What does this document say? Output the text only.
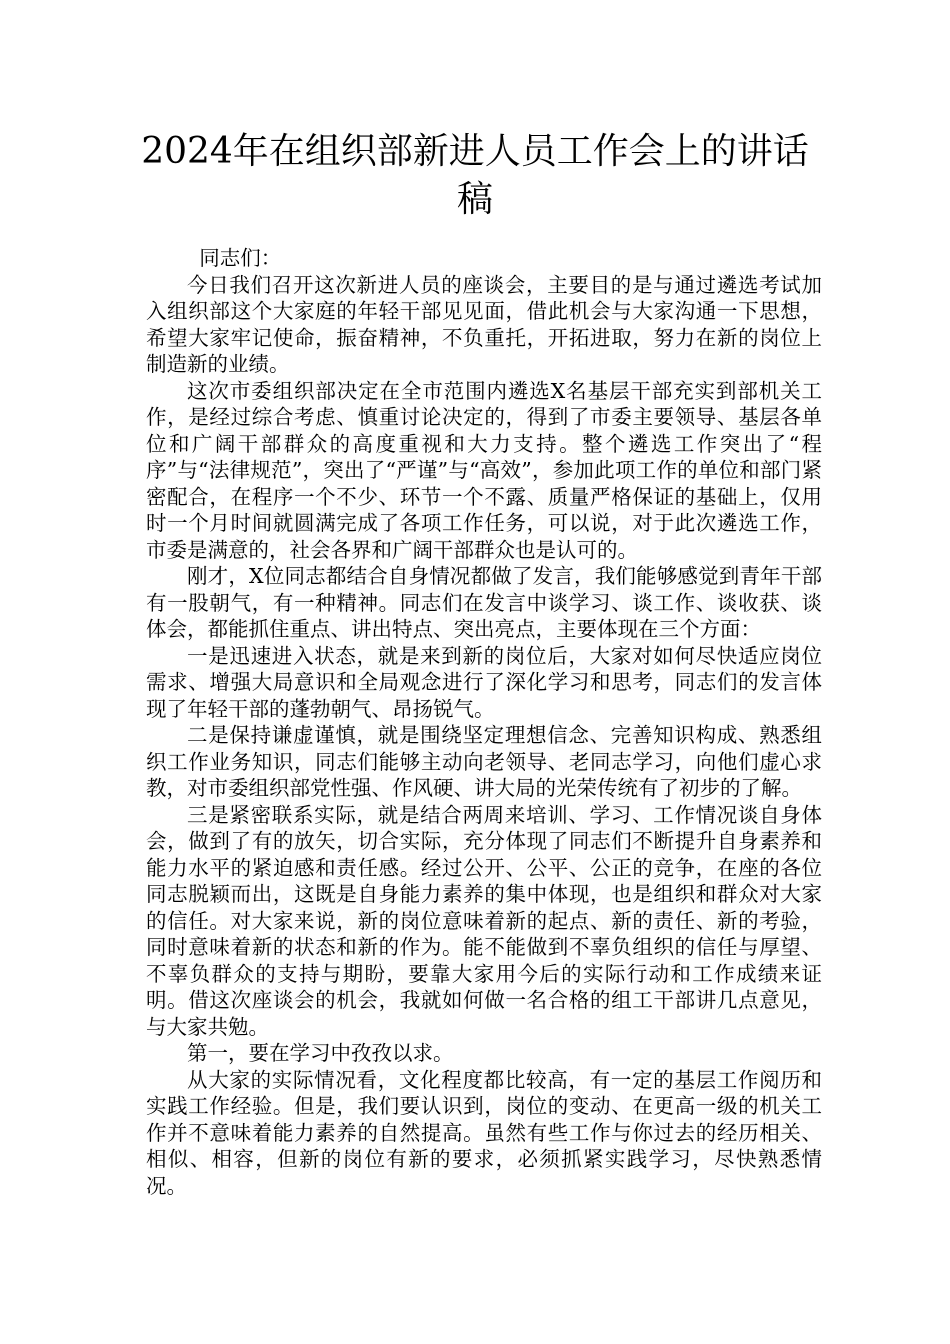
2024年在组织部新进人员工作会上的讲话稿

同志们：

今日我们召开这次新进人员的座谈会，主要目的是与通过遴选考试加入组织部这个大家庭的年轻干部见见面，借此机会与大家沟通一下思想，希望大家牢记使命，振奋精神，不负重托，开拓进取，努力在新的岗位上制造新的业绩。

这次市委组织部决定在全市范围内遴选X名基层干部充实到部机关工作，是经过综合考虑、慎重讨论决定的，得到了市委主要领导、基层各单位和广阔干部群众的高度重视和大力支持。整个遴选工作突出了“程序”与“法律规范”，突出了“严谨”与“高效”，参加此项工作的单位和部门紧密配合，在程序一个不少、环节一个不露、质量严格保证的基础上，仅用时一个月时间就圆满完成了各项工作任务，可以说，对于此次遴选工作，市委是满意的，社会各界和广阔干部群众也是认可的。

刚才，X位同志都结合自身情况都做了发言，我们能够感觉到青年干部有一股朝气，有一种精神。同志们在发言中谈学习、谈工作、谈收获、谈体会，都能抓住重点、讲出特点、突出亮点，主要体现在三个方面：

一是迅速进入状态，就是来到新的岗位后，大家对如何尽快适应岗位需求、增强大局意识和全局观念进行了深化学习和思考，同志们的发言体现了年轻干部的蓬勃朝气、昂扬锐气。

二是保持谦虚谨慎，就是围绕坚定理想信念、完善知识构成、熟悉组织工作业务知识，同志们能够主动向老领导、老同志学习，向他们虚心求教，对市委组织部党性强、作风硬、讲大局的光荣传统有了初步的了解。

三是紧密联系实际，就是结合两周来培训、学习、工作情况谈自身体会，做到了有的放矢，切合实际，充分体现了同志们不断提升自身素养和能力水平的紧迫感和责任感。经过公开、公平、公正的竞争，在座的各位同志脱颖而出，这既是自身能力素养的集中体现，也是组织和群众对大家的信任。对大家来说，新的岗位意味着新的起点、新的责任、新的考验，同时意味着新的状态和新的作为。能不能做到不辜负组织的信任与厚望、不辜负群众的支持与期盼，要靠大家用今后的实际行动和工作成绩来证明。借这次座谈会的机会，我就如何做一名合格的组工干部讲几点意见，与大家共勉。

第一，要在学习中孜孜以求。

从大家的实际情况看，文化程度都比较高，有一定的基层工作阅历和实践工作经验。但是，我们要认识到，岗位的变动、在更高一级的机关工作并不意味着能力素养的自然提高。虽然有些工作与你过去的经历相关、相似、相容，但新的岗位有新的要求，必须抓紧实践学习，尽快熟悉情况。
